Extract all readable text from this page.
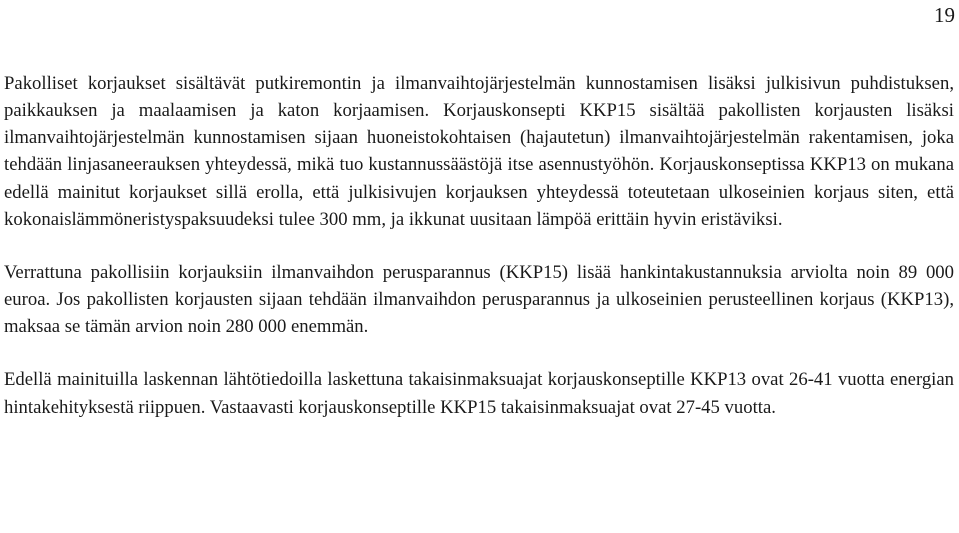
19

Pakolliset korjaukset sisältävät putkiremontin ja ilmanvaihtojärjestelmän kunnostamisen lisäksi julkisivun puhdistuksen, paikkauksen ja maalaamisen ja katon korjaamisen. Korjauskonsepti KKP15 sisältää pakollisten korjausten lisäksi ilmanvaihtojärjestelmän kunnostamisen sijaan huoneistokohtaisen (hajautetun) ilmanvaihtojärjestelmän rakentamisen, joka tehdään linjasaneerauksen yhteydessä, mikä tuo kustannussäästöjä itse asennustyöhön. Korjauskonseptissa KKP13 on mukana edellä mainitut korjaukset sillä erolla, että julkisivujen korjauksen yhteydessä toteutetaan ulkoseinien korjaus siten, että kokonaislämmöneristyspaksuudeksi tulee 300 mm, ja ikkunat uusitaan lämpöä erittäin hyvin eristäviksi.

Verrattuna pakollisiin korjauksiin ilmanvaihdon perusparannus (KKP15) lisää hankintakustannuksia arviolta noin 89 000 euroa. Jos pakollisten korjausten sijaan tehdään ilmanvaihdon perusparannus ja ulkoseinien perusteellinen korjaus (KKP13), maksaa se tämän arvion noin 280 000 enemmän.

Edellä mainituilla laskennan lähtötiedoilla laskettuna takaisinmaksuajat korjauskonseptille KKP13 ovat 26-41 vuotta energian hintakehityksestä riippuen. Vastaavasti korjauskonseptille KKP15 takaisinmaksuajat ovat 27-45 vuotta.
